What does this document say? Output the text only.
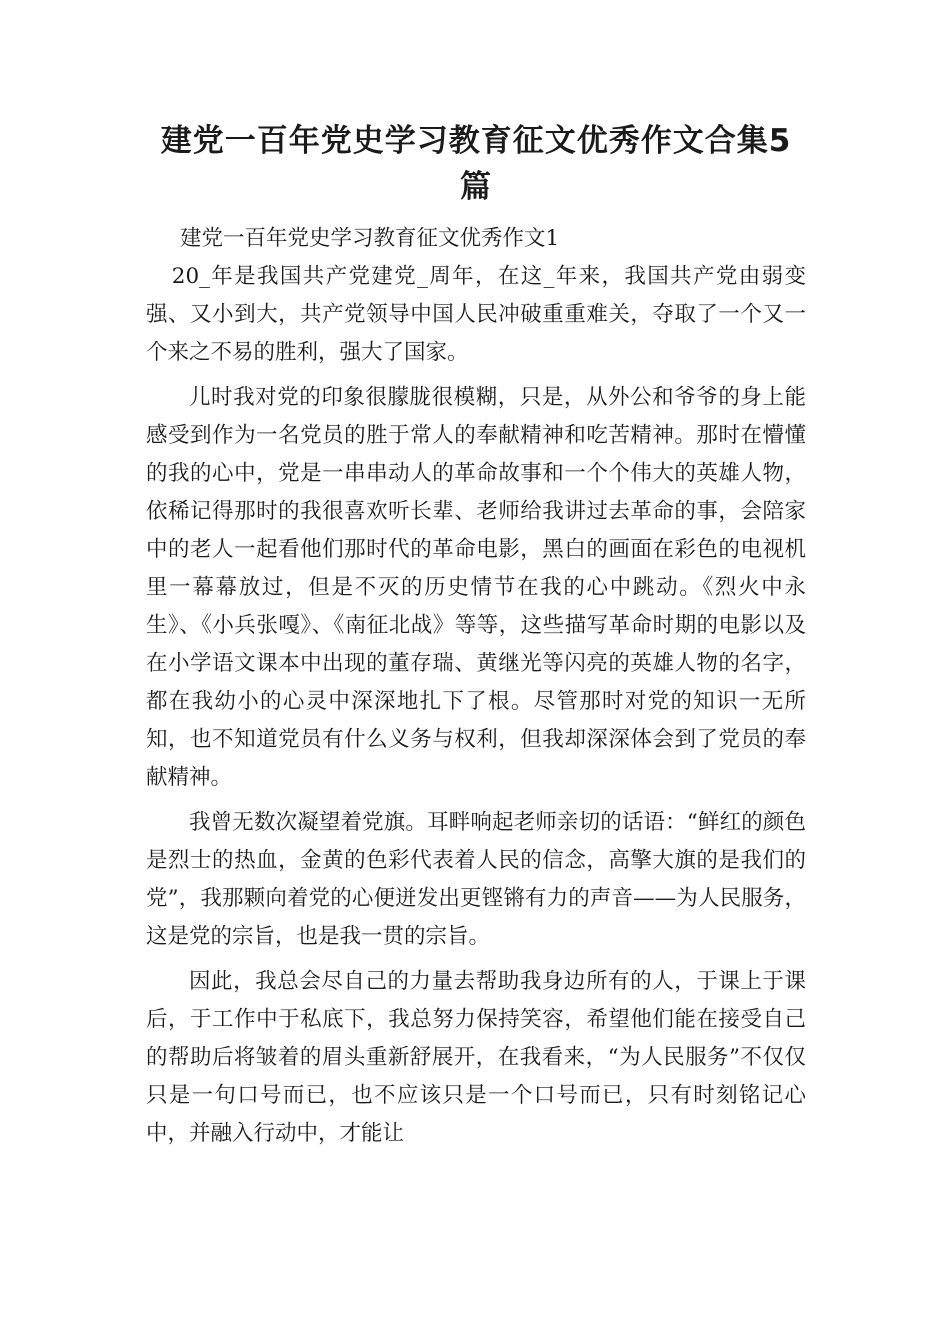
建党一百年党史学习教育征文优秀作文合集5篇

建党一百年党史学习教育征文优秀作文1

20_年是我国共产党建党_周年，在这_年来，我国共产党由弱变强、又小到大，共产党领导中国人民冲破重重难关，夺取了一个又一个来之不易的胜利，强大了国家。

儿时我对党的印象很朦胧很模糊，只是，从外公和爷爷的身上能感受到作为一名党员的胜于常人的奉献精神和吃苦精神。那时在懵懂的我的心中，党是一串串动人的革命故事和一个个伟大的英雄人物，依稀记得那时的我很喜欢听长辈、老师给我讲过去革命的事，会陪家中的老人一起看他们那时代的革命电影，黑白的画面在彩色的电视机里一幕幕放过，但是不灭的历史情节在我的心中跳动。《烈火中永生》、《小兵张嘎》、《南征北战》等等，这些描写革命时期的电影以及在小学语文课本中出现的董存瑞、黄继光等闪亮的英雄人物的名字，都在我幼小的心灵中深深地扎下了根。尽管那时对党的知识一无所知，也不知道党员有什么义务与权利，但我却深深体会到了党员的奉献精神。

我曾无数次凝望着党旗。耳畔响起老师亲切的话语：“鲜红的颜色是烈士的热血，金黄的色彩代表着人民的信念，高擎大旗的是我们的党”，我那颗向着党的心便迸发出更铿锵有力的声音——为人民服务，这是党的宗旨，也是我一贯的宗旨。

因此，我总会尽自己的力量去帮助我身边所有的人，于课上于课后，于工作中于私底下，我总努力保持笑容，希望他们能在接受自己的帮助后将皱着的眉头重新舒展开，在我看来，“为人民服务”不仅仅只是一句口号而已，也不应该只是一个口号而已，只有时刻铭记心中，并融入行动中，才能让
